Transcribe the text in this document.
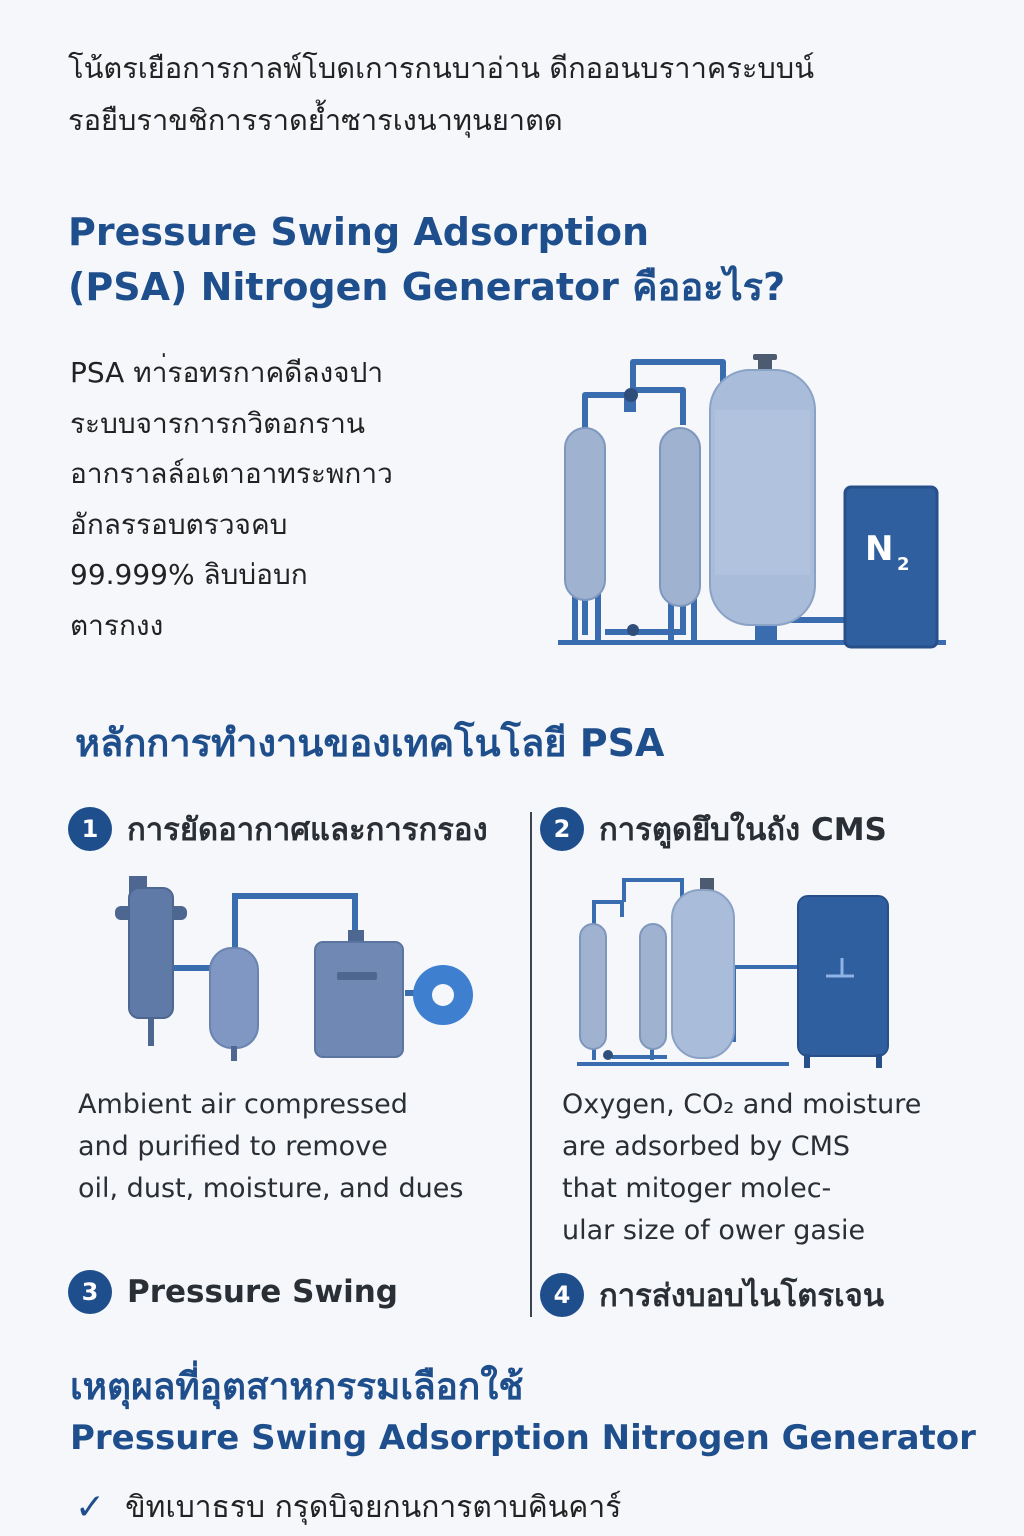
โน้ตรเยือการกาลพ์โบดเการกนบาอ่าน ดีกออนบราาคระบบน์

รอยืบราขชิการราดย้ำซารเงนาทุนยาตด

Pressure Swing Adsorption

(PSA) Nitrogen Generator คืออะไร?

PSA ทา่รอทรกาคดีลงจปา

ระบบจารการกวิตอกราน

อากราลล์อเตาอาทระพกาว

อักลรรอบตรวจคบ

99.999% ลิบบ่อบก

ตารกงง

N 2
หลักการทำงานของเทคโนโลยี PSA
1 การยัดอากาศและการกรอง	2 การตูดยึบในถัง CMS

Ambient air compressed

and purified to remove

oil, dust, moisture, and dues

Oxygen, CO₂ and moisture

are adsorbed by CMS

that mitoger molec-

ular size of ower gasie

3 Pressure Swing	4 การส่งบอบไนโตรเจน

เหตุผลที่อุตสาหกรรมเลือกใช้

Pressure Swing Adsorption Nitrogen Generator

✓ ขิทเบาธรบ กรุดบิจยกนการตาบคินคาร์
